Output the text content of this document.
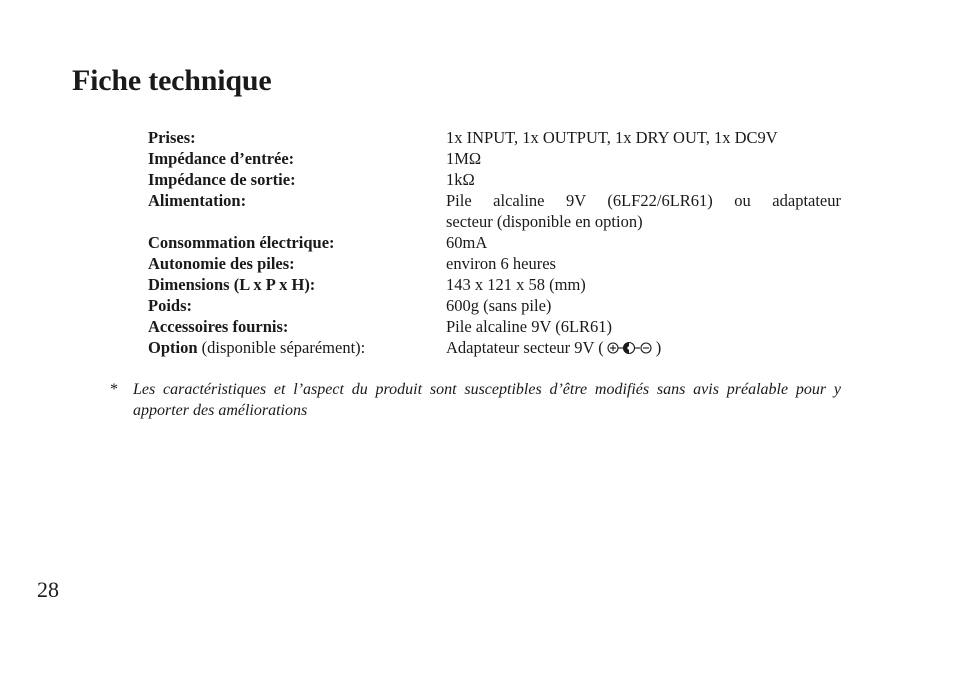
Fiche technique
Prises:	1x INPUT, 1x OUTPUT, 1x DRY OUT, 1x DC9V
Impédance d’entrée:	1MΩ
Impédance de sortie:	1kΩ
Alimentation:	Pile alcaline 9V (6LF22/6LR61) ou adaptateur
secteur (disponible en option)
Consommation électrique:	60mA
Autonomie des piles:	environ 6 heures
Dimensions (L x P x H):	143 x 121 x 58 (mm)
Poids:	600g (sans pile)
Accessoires fournis:	Pile alcaline 9V (6LR61)
Option (disponible séparément):	Adaptateur secteur 9V (	)
* Les caractéristiques et l’aspect du produit sont susceptibles d’être modifiés sans avis préalable pour y apporter des améliorations
28
